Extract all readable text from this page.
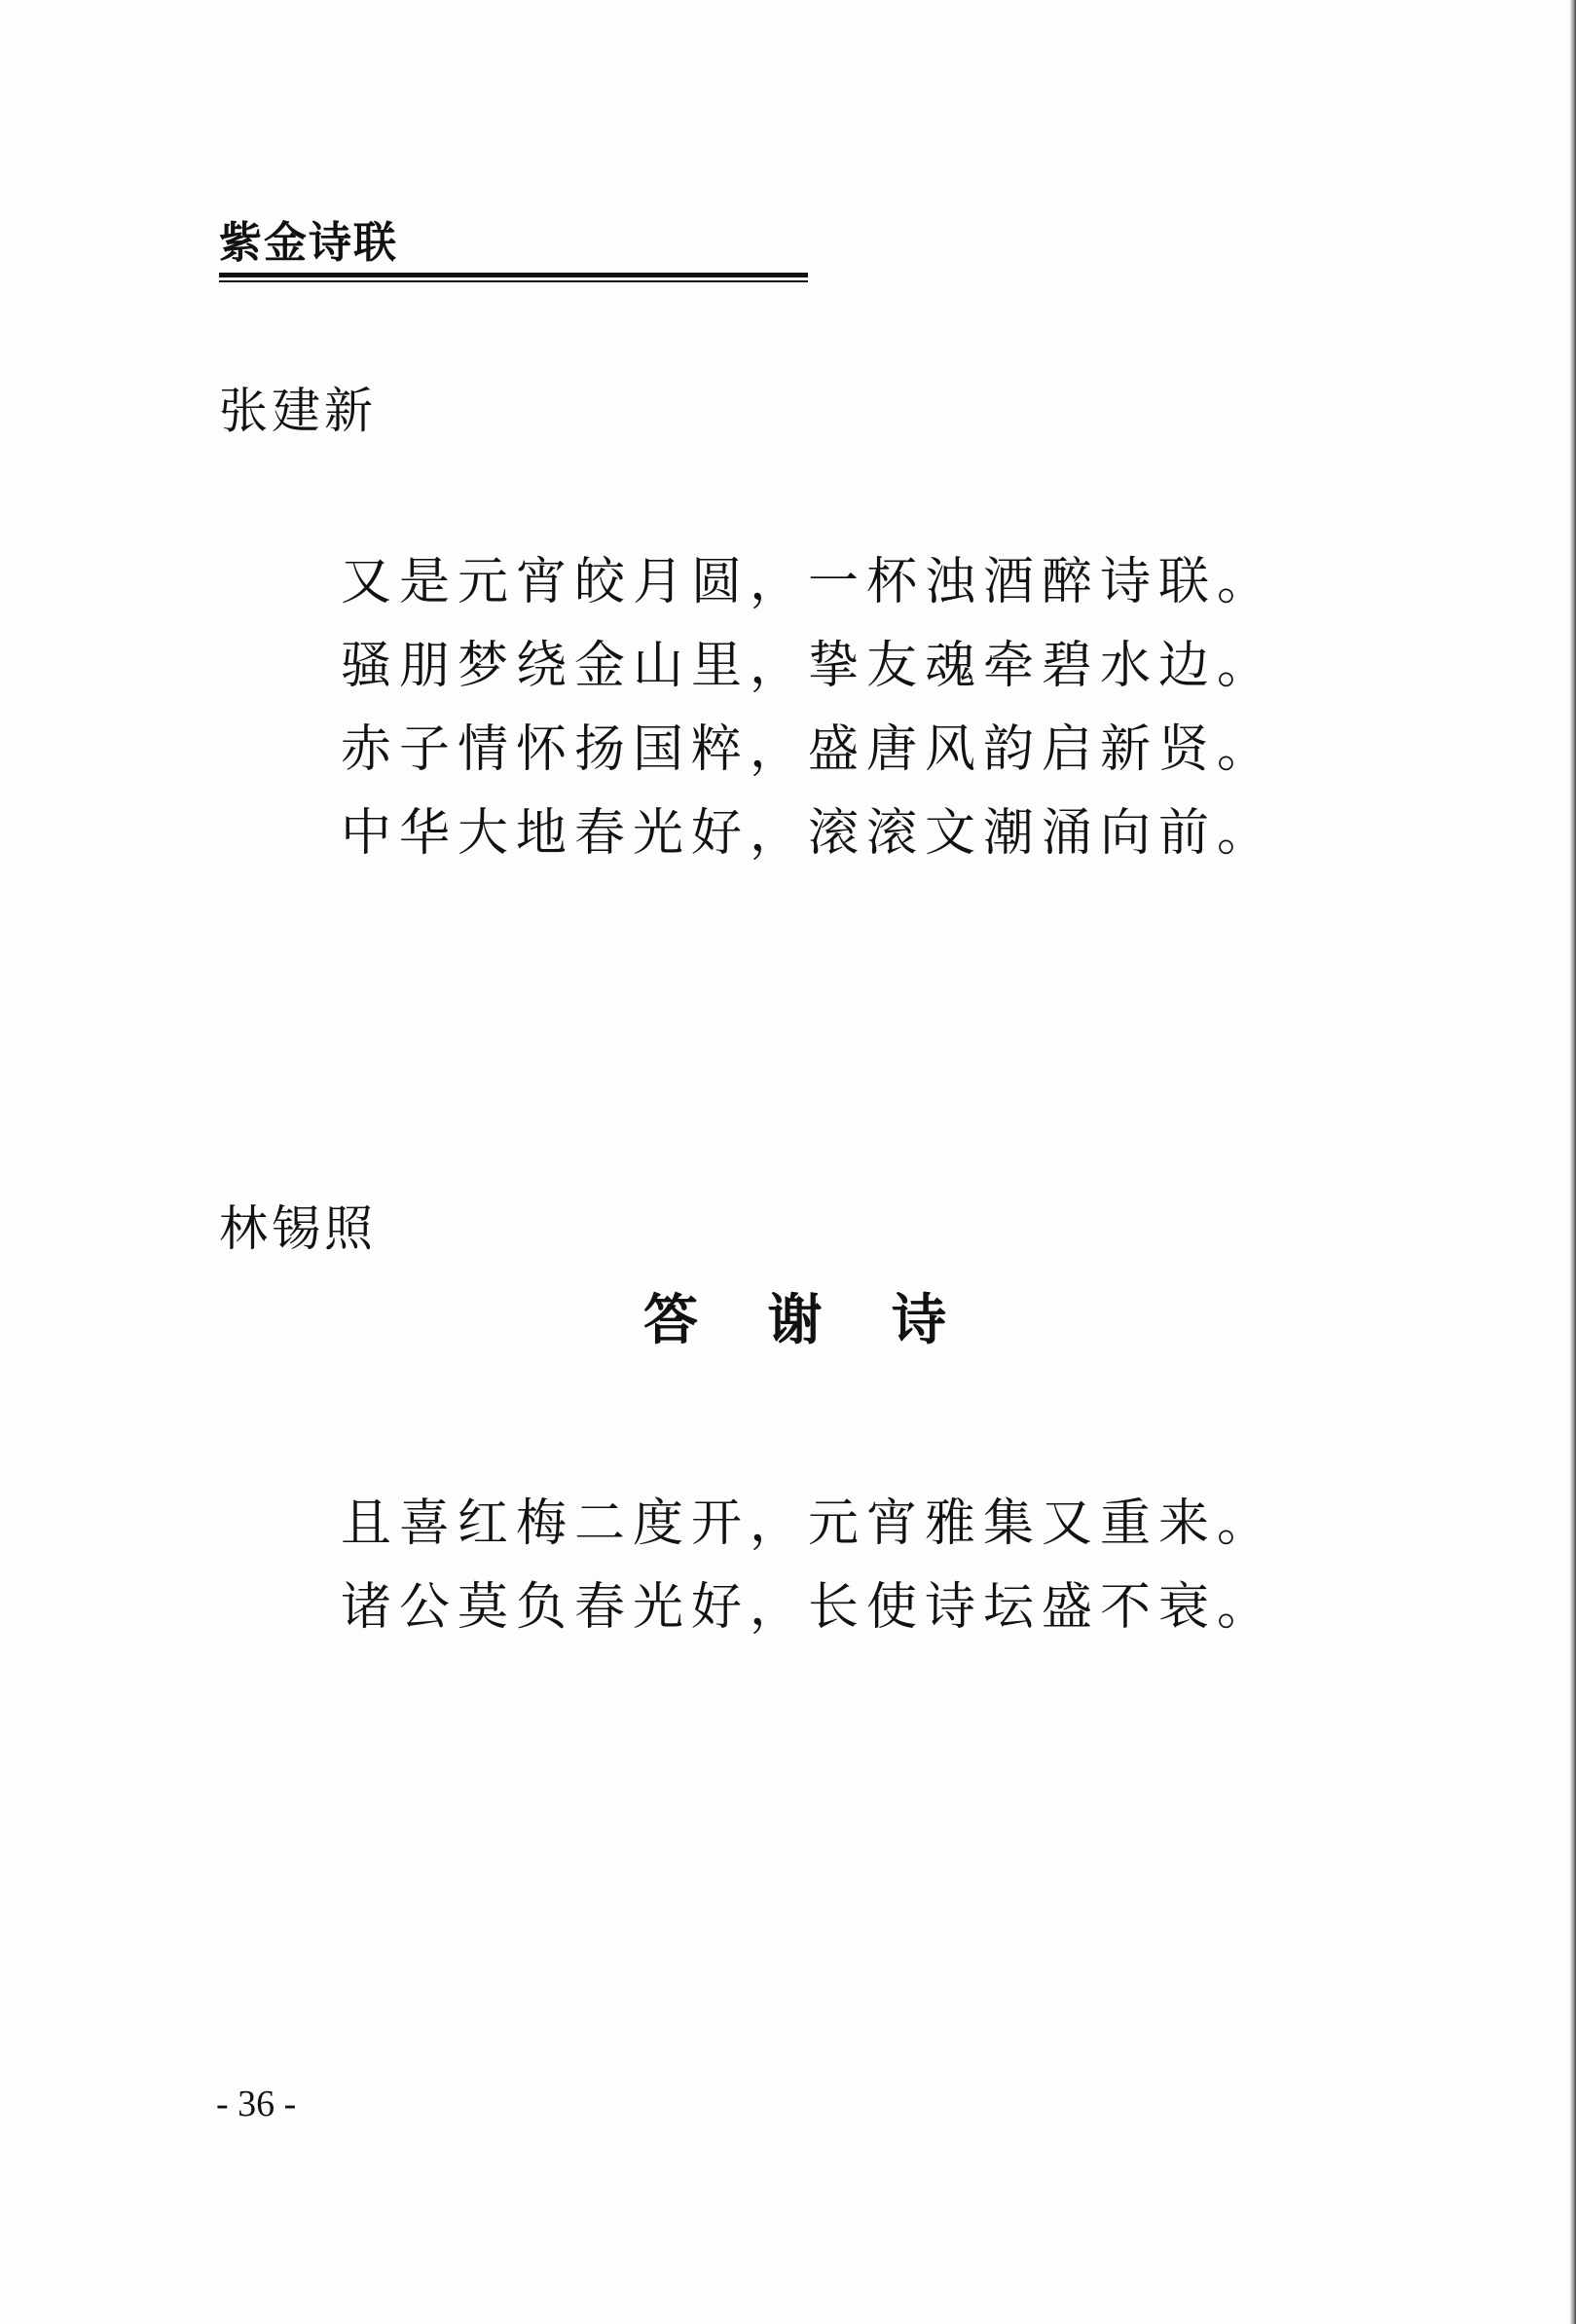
紫金诗联
张建新
又是元宵皎月圆，一杯浊酒醉诗联。
骚朋梦绕金山里，挚友魂牵碧水边。
赤子情怀扬国粹，盛唐风韵启新贤。
中华大地春光好，滚滚文潮涌向前。
林锡照
答 谢 诗
且喜红梅二度开，元宵雅集又重来。
诸公莫负春光好，长使诗坛盛不衰。
- 36 -
